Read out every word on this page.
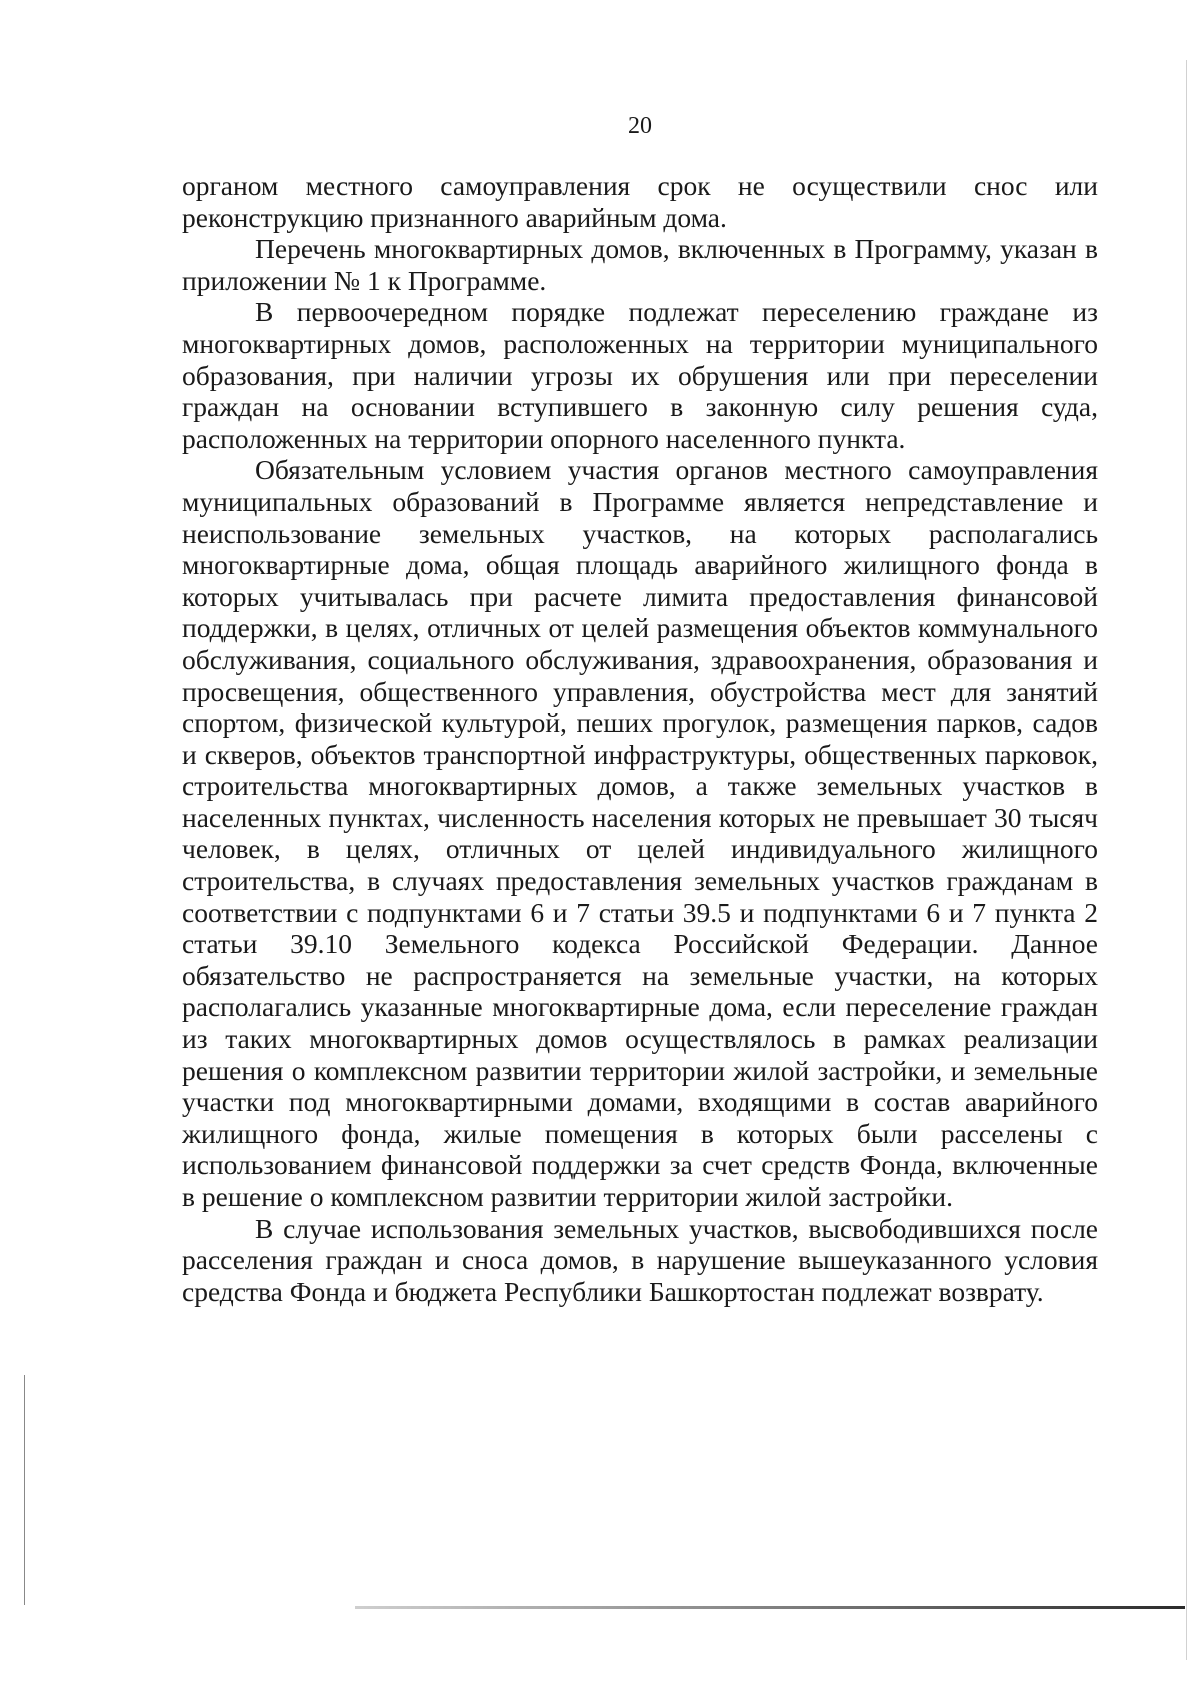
20

органом местного самоуправления срок не осуществили снос или реконструкцию признанного аварийным дома.

Перечень многоквартирных домов, включенных в Программу, указан в приложении № 1 к Программе.

В первоочередном порядке подлежат переселению граждане из многоквартирных домов, расположенных на территории муниципального образования, при наличии угрозы их обрушения или при переселении граждан на основании вступившего в законную силу решения суда, расположенных на территории опорного населенного пункта.

Обязательным условием участия органов местного самоуправления муниципальных образований в Программе является непредставление и неиспользование земельных участков, на которых располагались многоквартирные дома, общая площадь аварийного жилищного фонда в которых учитывалась при расчете лимита предоставления финансовой поддержки, в целях, отличных от целей размещения объектов коммунального обслуживания, социального обслуживания, здравоохранения, образования и просвещения, общественного управления, обустройства мест для занятий спортом, физической культурой, пеших прогулок, размещения парков, садов и скверов, объектов транспортной инфраструктуры, общественных парковок, строительства многоквартирных домов, а также земельных участков в населенных пунктах, численность населения которых не превышает 30 тысяч человек, в целях, отличных от целей индивидуального жилищного строительства, в случаях предоставления земельных участков гражданам в соответствии с подпунктами 6 и 7 статьи 39.5 и подпунктами 6 и 7 пункта 2 статьи 39.10 Земельного кодекса Российской Федерации. Данное обязательство не распространяется на земельные участки, на которых располагались указанные многоквартирные дома, если переселение граждан из таких многоквартирных домов осуществлялось в рамках реализации решения о комплексном развитии территории жилой застройки, и земельные участки под многоквартирными домами, входящими в состав аварийного жилищного фонда, жилые помещения в которых были расселены с использованием финансовой поддержки за счет средств Фонда, включенные в решение о комплексном развитии территории жилой застройки.

В случае использования земельных участков, высвободившихся после расселения граждан и сноса домов, в нарушение вышеуказанного условия средства Фонда и бюджета Республики Башкортостан подлежат возврату.
